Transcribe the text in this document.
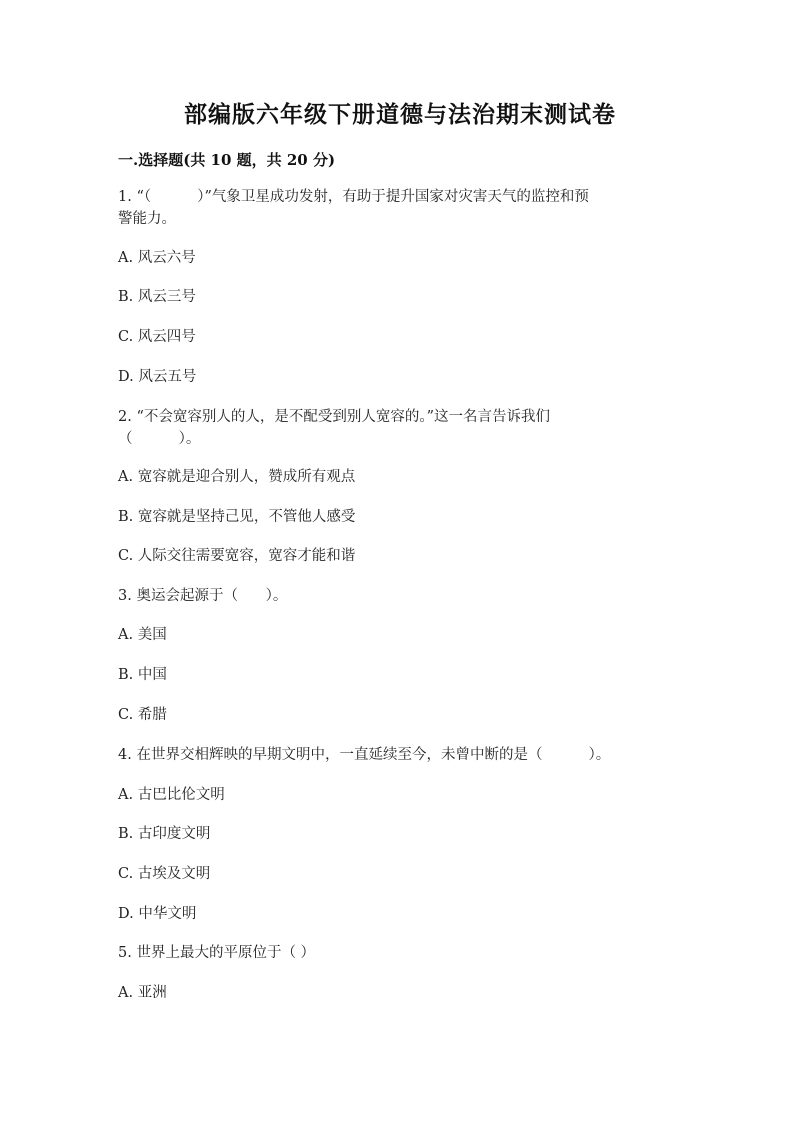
部编版六年级下册道德与法治期末测试卷
一.选择题(共 10 题，共 20 分)
1. “（          ）”气象卫星成功发射，有助于提升国家对灾害天气的监控和预
警能力。
A. 风云六号
B. 风云三号
C. 风云四号
D. 风云五号
2. “不会宽容别人的人，是不配受到别人宽容的。”这一名言告诉我们
（          ）。
A. 宽容就是迎合别人，赞成所有观点
B. 宽容就是坚持己见，不管他人感受
C. 人际交往需要宽容，宽容才能和谐
3. 奥运会起源于（      ）。
A. 美国
B. 中国
C. 希腊
4. 在世界交相辉映的早期文明中，一直延续至今，未曾中断的是（          ）。
A. 古巴比伦文明
B. 古印度文明
C. 古埃及文明
D. 中华文明
5. 世界上最大的平原位于（ ）
A. 亚洲
